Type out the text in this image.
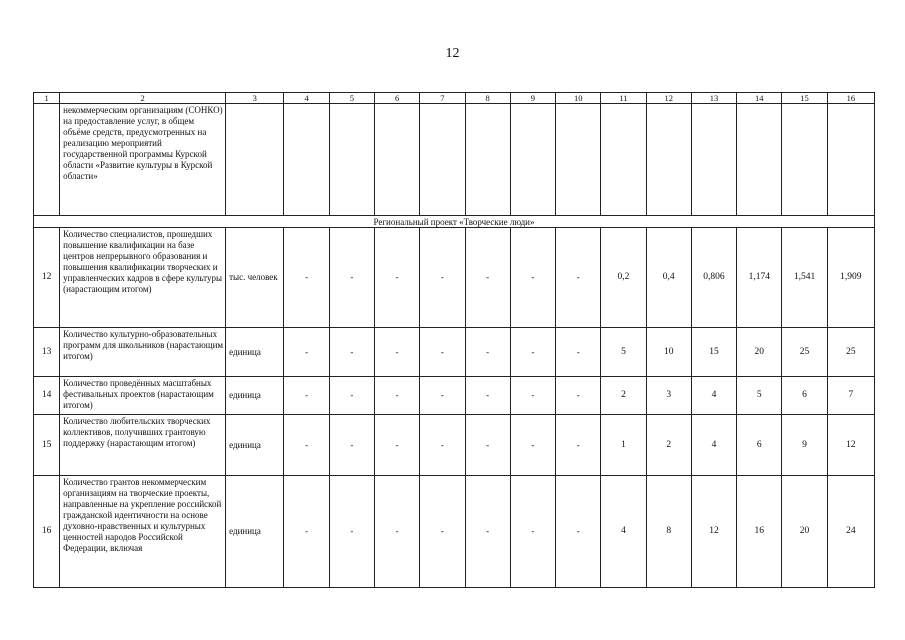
12
1	2	3	4	5	6	7	8	9	10	11	12	13	14	15	16
	некоммерческим организациям (СОНКО) на предоставление услуг, в общем объёме средств, предусмотренных на реализацию мероприятий государственной программы Курской области «Развитие культуры в Курской области»														
Региональный проект «Творческие люди»															
12	Количество специалистов, прошедших повышение квалификации на базе центров непрерывного образования и повышения квалификации творческих и управленческих кадров в сфере культуры (нарастающим итогом)	тыс. человек	-	-	-	-	-	-	-	0,2	0,4	0,806	1,174	1,541	1,909
13	Количество культурно-образовательных программ для школьников (нарастающим итогом)	единица	-	-	-	-	-	-	-	5	10	15	20	25	25
14	Количество проведённых масштабных фестивальных проектов (нарастающим итогом)	единица	-	-	-	-	-	-	-	2	3	4	5	6	7
15	Количество любительских творческих коллективов, получивших грантовую поддержку (нарастающим итогом)	единица	-	-	-	-	-	-	-	1	2	4	6	9	12
16	Количество грантов некоммерческим организациям на творческие проекты, направленные на укрепление российской гражданской идентичности на основе духовно-нравственных и культурных ценностей народов Российской Федерации, включая	единица	-	-	-	-	-	-	-	4	8	12	16	20	24
